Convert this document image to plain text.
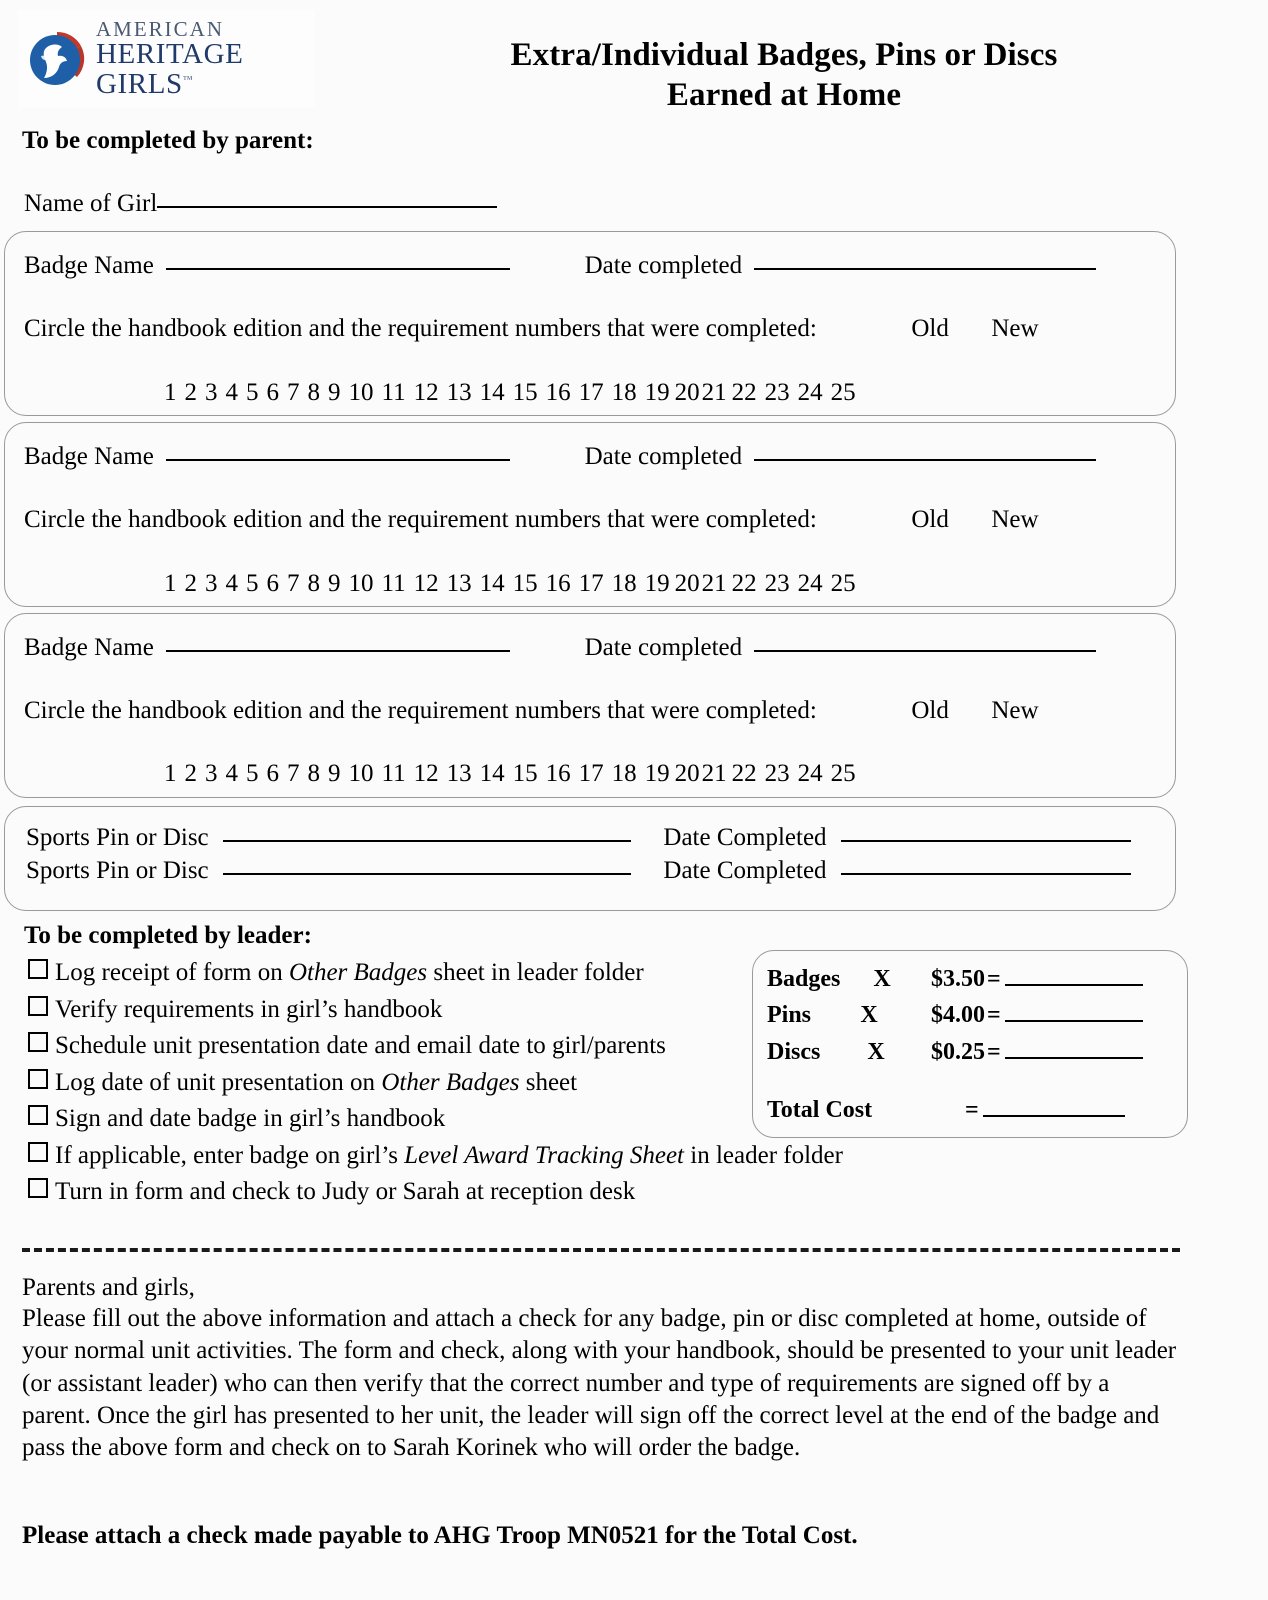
AMERICAN
HERITAGE GIRLS™
Extra/Individual Badges, Pins or Discs
Earned at Home
To be completed by parent:
Name of Girl
Badge Name	Date completed
Circle the handbook edition and the requirement numbers that were completed:	Old New
1 2 3 4 5 6 7 8 9 10 11 12 13 14 15 16 17 18 19 2021 22 23 24 25
Badge Name	Date completed
Circle the handbook edition and the requirement numbers that were completed:	Old New
1 2 3 4 5 6 7 8 9 10 11 12 13 14 15 16 17 18 19 2021 22 23 24 25
Badge Name	Date completed
Circle the handbook edition and the requirement numbers that were completed:	Old New
1 2 3 4 5 6 7 8 9 10 11 12 13 14 15 16 17 18 19 2021 22 23 24 25
Sports Pin or Disc	Date Completed
Sports Pin or Disc	Date Completed
To be completed by leader:
Log receipt of form on Other Badges sheet in leader folder
Verify requirements in girl’s handbook
Schedule unit presentation date and email date to girl/parents
Log date of unit presentation on Other Badges sheet
Sign and date badge in girl’s handbook
If applicable, enter badge on girl’s Level Award Tracking Sheet in leader folder
Turn in form and check to Judy or Sarah at reception desk
Badges	X	$3.50 =
Pins	X	$4.00 =
Discs	X	$0.25 =
Total Cost	=
Parents and girls,
Please fill out the above information and attach a check for any badge, pin or disc completed at home, outside of your normal unit activities. The form and check, along with your handbook, should be presented to your unit leader (or assistant leader) who can then verify that the correct number and type of requirements are signed off by a parent. Once the girl has presented to her unit, the leader will sign off the correct level at the end of the badge and pass the above form and check on to Sarah Korinek who will order the badge.
Please attach a check made payable to AHG Troop MN0521 for the Total Cost.
